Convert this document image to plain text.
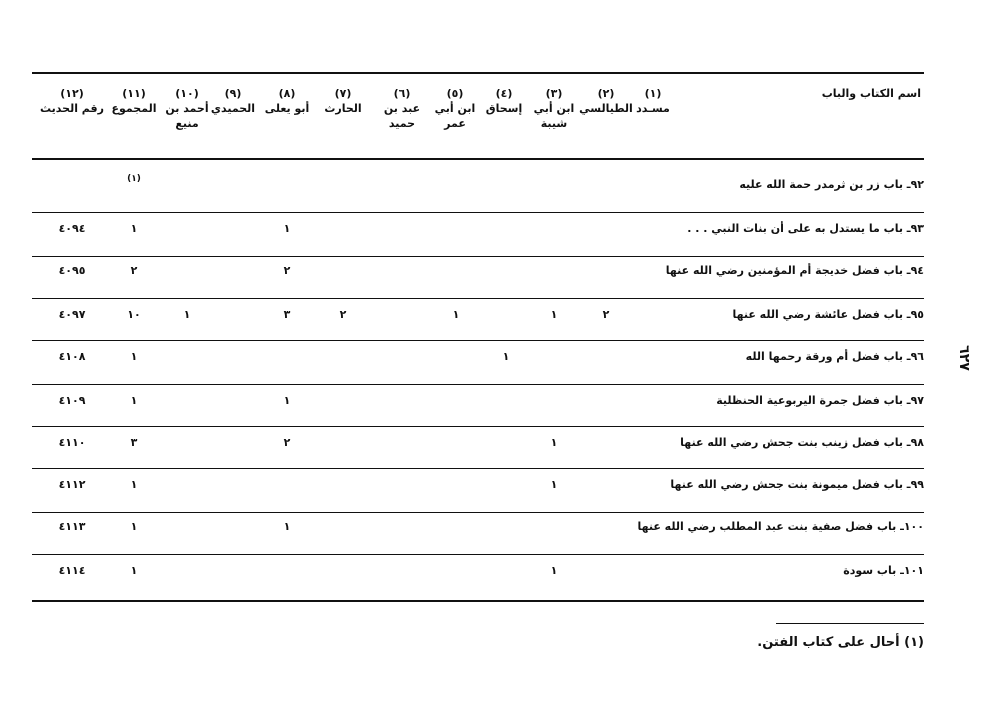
اسم الكتاب والباب
(١)
مسـدد
(٢)
الطيالسي
(٣)
ابن أبي شيبة
(٤)
إسحاق
(٥)
ابن أبي عمر
(٦)
عبد بن حميد
(٧)
الحارث
(٨)
أبو يعلى
(٩)
الحميدي
(١٠)
أحمد بن منيع
(١١)
المجموع
(١٢)
رقم الحديث
٩٢ـ باب زر بن ثرمدر حمة الله عليه
(١)
٩٣ـ باب ما يستدل به على أن بنات النبي . . .
١
١
٤٠٩٤
٩٤ـ باب فضل خديجة أم المؤمنين رضي الله عنها
٢
٢
٤٠٩٥
٩٥ـ باب فضل عائشة رضي الله عنها
٢
١
١
٢
٣
١
١٠
٤٠٩٧
٩٦ـ باب فضل أم ورقة رحمها الله
١
١
٤١٠٨
٩٧ـ باب فضل جمرة اليربوعية الحنظلية
١
١
٤١٠٩
٩٨ـ باب فضل زينب بنت جحش رضي الله عنها
١
٢
٣
٤١١٠
٩٩ـ باب فضل ميمونة بنت جحش رضي الله عنها
١
١
٤١١٢
١٠٠ـ باب فضل صفية بنت عبد المطلب رضي الله عنها
١
١
٤١١٣
١٠١ـ باب سودة
١
١
٤١١٤
٦٢٧
(١) أحال على كتاب الفتن.
